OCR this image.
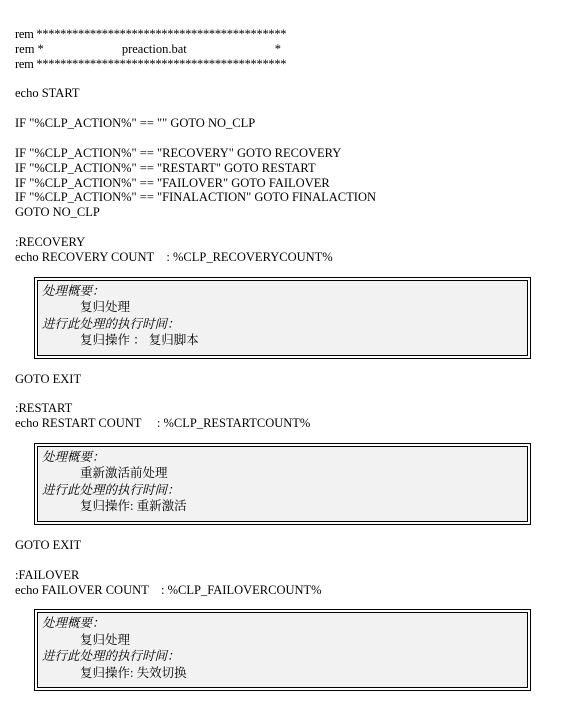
rem ******************************************
rem *	preaction.bat	*
rem ******************************************
echo START
IF "%CLP_ACTION%" == "" GOTO NO_CLP
IF "%CLP_ACTION%" == "RECOVERY" GOTO RECOVERY
IF "%CLP_ACTION%" == "RESTART" GOTO RESTART
IF "%CLP_ACTION%" == "FAILOVER" GOTO FAILOVER
IF "%CLP_ACTION%" == "FINALACTION" GOTO FINALACTION
GOTO NO_CLP
:RECOVERY
echo RECOVERY COUNT    : %CLP_RECOVERYCOUNT%
处理概要：
复归处理
进行此处理的执行时间：
复归操作 ： 复归脚本
GOTO EXIT
:RESTART
echo RESTART COUNT     : %CLP_RESTARTCOUNT%
处理概要：
重新激活前处理
进行此处理的执行时间：
复归操作: 重新激活
GOTO EXIT
:FAILOVER
echo FAILOVER COUNT    : %CLP_FAILOVERCOUNT%
处理概要：
复归处理
进行此处理的执行时间：
复归操作: 失效切换
